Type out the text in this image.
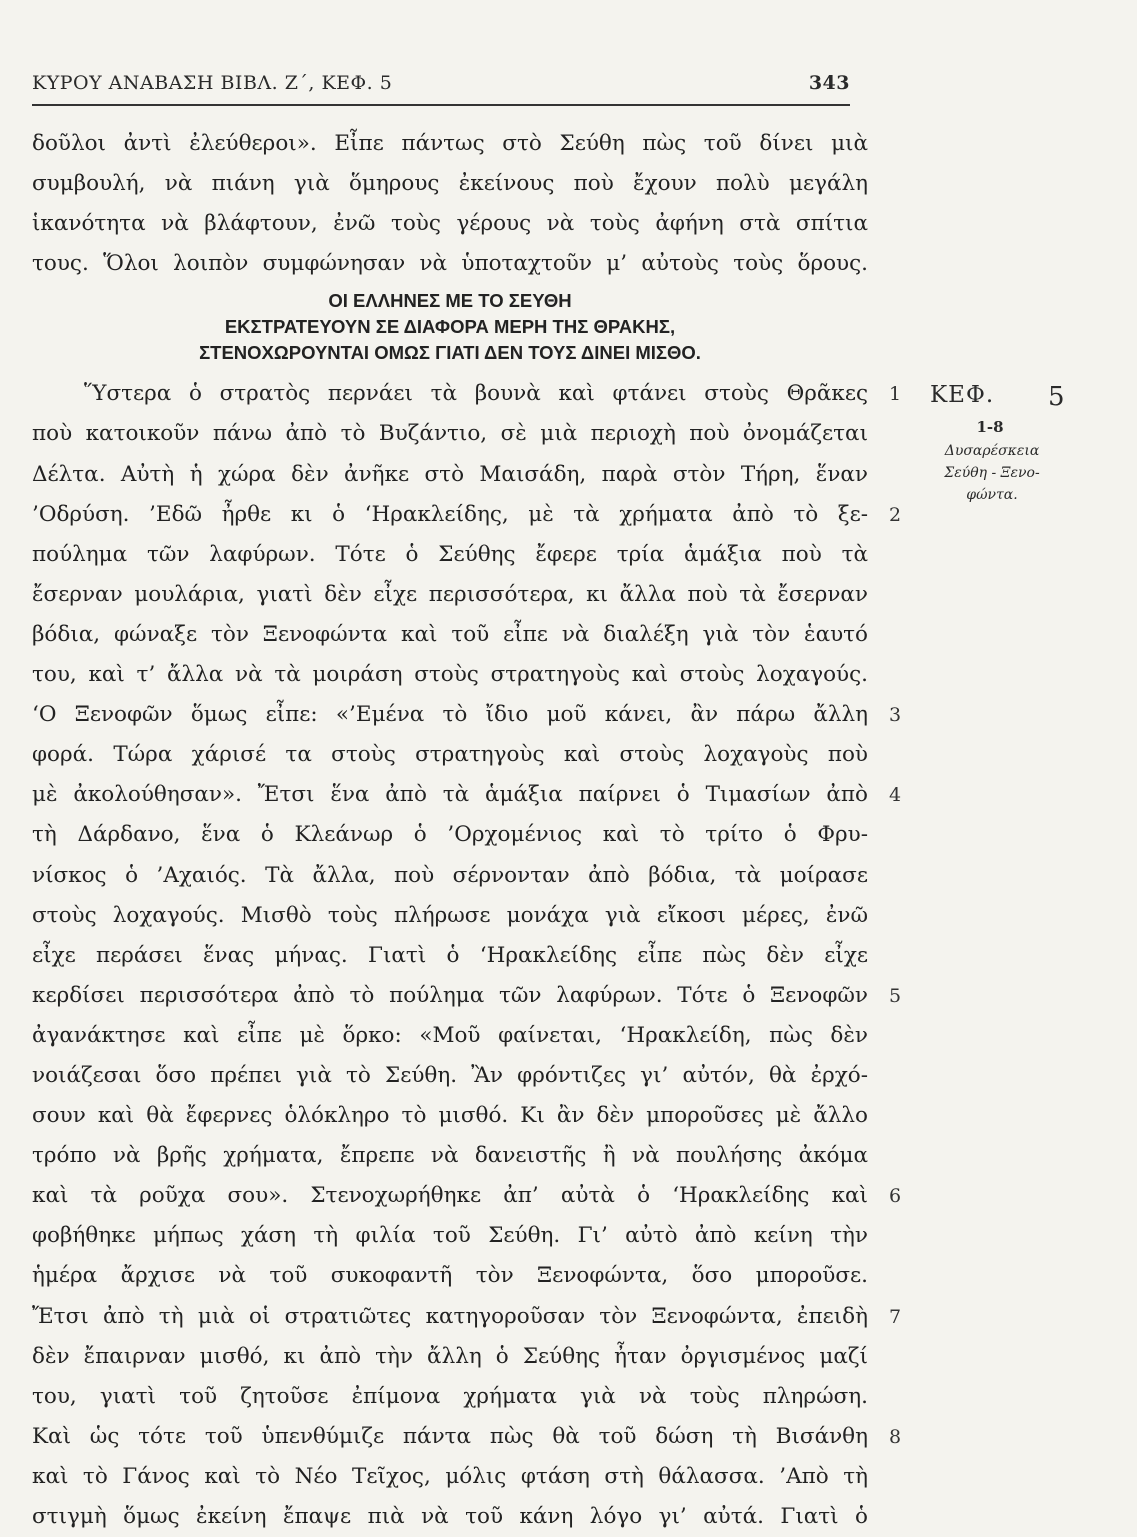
ΚΥΡΟΥ ΑΝΑΒΑΣΗ ΒΙΒΛ. Ζ΄, ΚΕΦ. 5	343
δοῦλοι ἀντὶ ἐλεύθεροι». Εἶπε πάντως στὸ Σεύθη πὼς τοῦ δίνει μιὰ
συμβουλή, νὰ πιάνη γιὰ ὅμηρους ἐκείνους ποὺ ἔχουν πολὺ μεγάλη
ἱκανότητα νὰ βλάφτουν, ἐνῶ τοὺς γέρους νὰ τοὺς ἀφήνη στὰ σπίτια
τους. Ὅλοι λοιπὸν συμφώνησαν νὰ ὑποταχτοῦν μ’ αὐτοὺς τοὺς ὅρους.
ΟΙ ΕΛΛΗΝΕΣ ΜΕ ΤΟ ΣΕΥΘΗ
ΕΚΣΤΡΑΤΕΥΟΥΝ ΣΕ ΔΙΑΦΟΡΑ ΜΕΡΗ ΤΗΣ ΘΡΑΚΗΣ,
ΣΤΕΝΟΧΩΡΟΥΝΤΑΙ ΟΜΩΣ ΓΙΑΤΙ ΔΕΝ ΤΟΥΣ ΔΙΝΕΙ ΜΙΣΘΟ.
Ὕστερα ὁ στρατὸς περνάει τὰ βουνὰ καὶ φτάνει στοὺς Θρᾶκες	1
ποὺ κατοικοῦν πάνω ἀπὸ τὸ Βυζάντιο, σὲ μιὰ περιοχὴ ποὺ ὀνομάζεται
Δέλτα. Αὐτὴ ἡ χώρα δὲν ἀνῆκε στὸ Μαισάδη, παρὰ στὸν Τήρη, ἕναν
’Οδρύση. ’Εδῶ ἦρθε κι ὁ ‘Ηρακλείδης, μὲ τὰ χρήματα ἀπὸ τὸ ξε-	2
πούλημα τῶν λαφύρων. Τότε ὁ Σεύθης ἔφερε τρία ἁμάξια ποὺ τὰ
ἔσερναν μουλάρια, γιατὶ δὲν εἶχε περισσότερα, κι ἄλλα ποὺ τὰ ἔσερναν
βόδια, φώναξε τὸν Ξενοφώντα καὶ τοῦ εἶπε νὰ διαλέξη γιὰ τὸν ἑαυτό
του, καὶ τ’ ἄλλα νὰ τὰ μοιράση στοὺς στρατηγοὺς καὶ στοὺς λοχαγούς.
‘Ο Ξενοφῶν ὅμως εἶπε: «’Εμένα τὸ ἴδιο μοῦ κάνει, ἂν πάρω ἄλλη	3
φορά. Τώρα χάρισέ τα στοὺς στρατηγοὺς καὶ στοὺς λοχαγοὺς ποὺ
μὲ ἀκολούθησαν». Ἔτσι ἕνα ἀπὸ τὰ ἁμάξια παίρνει ὁ Τιμασίων ἀπὸ	4
τὴ Δάρδανο, ἕνα ὁ Κλεάνωρ ὁ ’Ορχομένιος καὶ τὸ τρίτο ὁ Φρυ-
νίσκος ὁ ’Αχαιός. Τὰ ἄλλα, ποὺ σέρνονταν ἀπὸ βόδια, τὰ μοίρασε
στοὺς λοχαγούς. Μισθὸ τοὺς πλήρωσε μονάχα γιὰ εἴκοσι μέρες, ἐνῶ
εἶχε περάσει ἕνας μήνας. Γιατὶ ὁ ‘Ηρακλείδης εἶπε πὼς δὲν εἶχε
κερδίσει περισσότερα ἀπὸ τὸ πούλημα τῶν λαφύρων. Τότε ὁ Ξενοφῶν	5
ἀγανάκτησε καὶ εἶπε μὲ ὅρκο: «Μοῦ φαίνεται, ‘Ηρακλείδη, πὼς δὲν
νοιάζεσαι ὅσο πρέπει γιὰ τὸ Σεύθη. Ἂν φρόντιζες γι’ αὐτόν, θὰ ἐρχό-
σουν καὶ θὰ ἔφερνες ὁλόκληρο τὸ μισθό. Κι ἂν δὲν μποροῦσες μὲ ἄλλο
τρόπο νὰ βρῆς χρήματα, ἔπρεπε νὰ δανειστῆς ἢ νὰ πουλήσης ἀκόμα
καὶ τὰ ροῦχα σου». Στενοχωρήθηκε ἀπ’ αὐτὰ ὁ ‘Ηρακλείδης καὶ	6
φοβήθηκε μήπως χάση τὴ φιλία τοῦ Σεύθη. Γι’ αὐτὸ ἀπὸ κείνη τὴν
ἡμέρα ἄρχισε νὰ τοῦ συκοφαντῆ τὸν Ξενοφώντα, ὅσο μποροῦσε.
Ἔτσι ἀπὸ τὴ μιὰ οἱ στρατιῶτες κατηγοροῦσαν τὸν Ξενοφώντα, ἐπειδὴ	7
δὲν ἔπαιρναν μισθό, κι ἀπὸ τὴν ἄλλη ὁ Σεύθης ἦταν ὀργισμένος μαζί
του, γιατὶ τοῦ ζητοῦσε ἐπίμονα χρήματα γιὰ νὰ τοὺς πληρώση.
Καὶ ὡς τότε τοῦ ὑπενθύμιζε πάντα πὼς θὰ τοῦ δώση τὴ Βισάνθη	8
καὶ τὸ Γάνος καὶ τὸ Νέο Τεῖχος, μόλις φτάση στὴ θάλασσα. ’Απὸ τὴ
στιγμὴ ὅμως ἐκείνη ἔπαψε πιὰ νὰ τοῦ κάνη λόγο γι’ αὐτά. Γιατὶ ὁ
ΚΕΦ. 5
1-8
Δυσαρέσκεια
Σεύθη - Ξενο-
φώντα.
